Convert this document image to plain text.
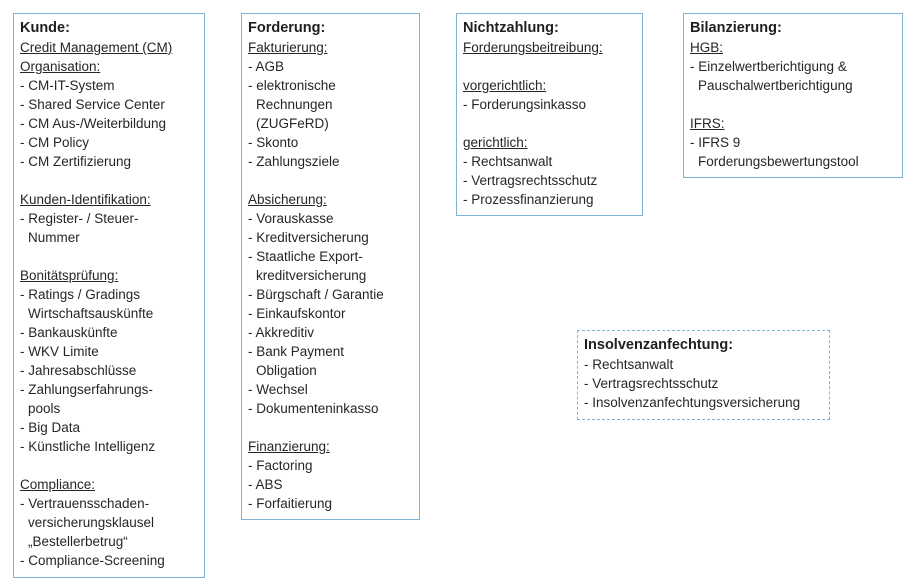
Kunde:
Credit Management (CM)
Organisation:
- CM-IT-System
- Shared Service Center
- CM Aus-/Weiterbildung
- CM Policy
- CM Zertifizierung
Kunden-Identifikation:
- Register- / Steuer-
Nummer
Bonitätsprüfung:
- Ratings / Gradings
Wirtschaftsauskünfte
- Bankauskünfte
- WKV Limite
- Jahresabschlüsse
- Zahlungserfahrungs-
pools
- Big Data
- Künstliche Intelligenz
Compliance:
- Vertrauensschaden-
versicherungsklausel
„Bestellerbetrug“
- Compliance-Screening
Forderung:
Fakturierung:
- AGB
- elektronische
Rechnungen
(ZUGFeRD)
- Skonto
- Zahlungsziele
Absicherung:
- Vorauskasse
- Kreditversicherung
- Staatliche Export-
kreditversicherung
- Bürgschaft / Garantie
- Einkaufskontor
- Akkreditiv
- Bank Payment
Obligation
- Wechsel
- Dokumenteninkasso
Finanzierung:
- Factoring
- ABS
- Forfaitierung
Nichtzahlung:
Forderungsbeitreibung:
vorgerichtlich:
- Forderungsinkasso
gerichtlich:
- Rechtsanwalt
- Vertragsrechtsschutz
- Prozessfinanzierung
Bilanzierung:
HGB:
- Einzelwertberichtigung &
Pauschalwertberichtigung
IFRS:
- IFRS 9
Forderungsbewertungstool
Insolvenzanfechtung:
- Rechtsanwalt
- Vertragsrechtsschutz
- Insolvenzanfechtungsversicherung
